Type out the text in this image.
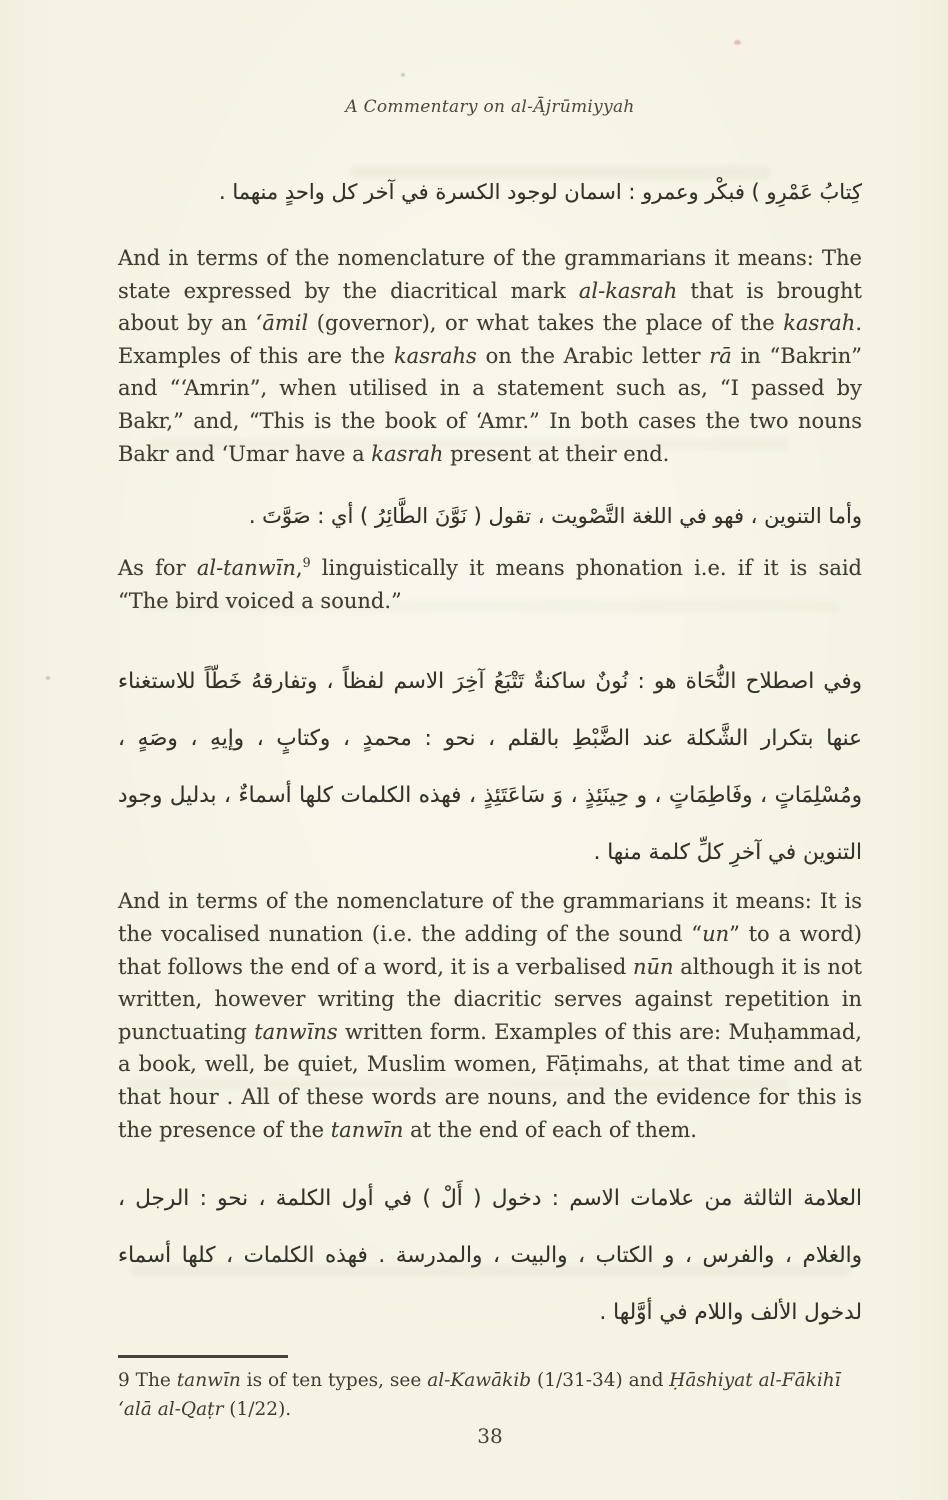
A Commentary on al-Ājrūmiyyah
كِتابُ عَمْرِو ) فبكْر وعمرو : اسمان لوجود الكسرة في آخر كل واحدٍ منهما .

And in terms of the nomenclature of the grammarians it means: The state expressed by the diacritical mark al-kasrah that is brought about by an ‘āmil (governor), or what takes the place of the kasrah. Examples of this are the kasrahs on the Arabic letter rā in “Bakrin” and “‘Amrin”, when utilised in a statement such as, “I passed by Bakr,” and, “This is the book of ‘Amr.” In both cases the two nouns Bakr and ‘Umar have a kasrah present at their end.

وأما التنوين ، فهو في اللغة التَّصْويت ، تقول ( نَوَّنَ الطَّائِرُ ) أي : صَوَّتَ .

As for al-tanwīn,$^9$ linguistically it means phonation i.e. if it is said “The bird voiced a sound.”

وفي اصطلاح النُّحَاة هو : نُونٌ ساكنةٌ تَتْبَعُ آخِرَ الاسم لفظاً ، وتفارقهُ خَطّاً للاستغناء عنها بتكرار الشَّكلة عند الضَّبْطِ بالقلم ، نحو : محمدٍ ، وكتابٍ ، وإيهِ ، وصَهٍ ، ومُسْلِمَاتٍ ، وفَاطِمَاتٍ ، و حِينَئِذٍ ، وَ سَاعَتَئِذٍ ، فهذه الكلمات كلها أسماءٌ ، بدليل وجود التنوين في آخرِ كلِّ كلمة منها .

And in terms of the nomenclature of the grammarians it means: It is the vocalised nunation (i.e. the adding of the sound “un” to a word) that follows the end of a word, it is a verbalised nūn although it is not written, however writing the diacritic serves against repetition in punctuating tanwīns written form. Examples of this are: Muḥammad, a book, well, be quiet, Muslim women, Fāṭimahs, at that time and at that hour . All of these words are nouns, and the evidence for this is the presence of the tanwīn at the end of each of them.

العلامة الثالثة من علامات الاسم : دخول ( أَلْ ) في أول الكلمة ، نحو : الرجل ، والغلام ، والفرس ، و الكتاب ، والبيت ، والمدرسة . فهذه الكلمات ، كلها أسماء لدخول الألف واللام في أوَّلها .

9 The tanwīn is of ten types, see al-Kawākib (1/31-34) and Ḥāshiyat al-Fākihī ‘alā al-Qaṭr (1/22).

38
